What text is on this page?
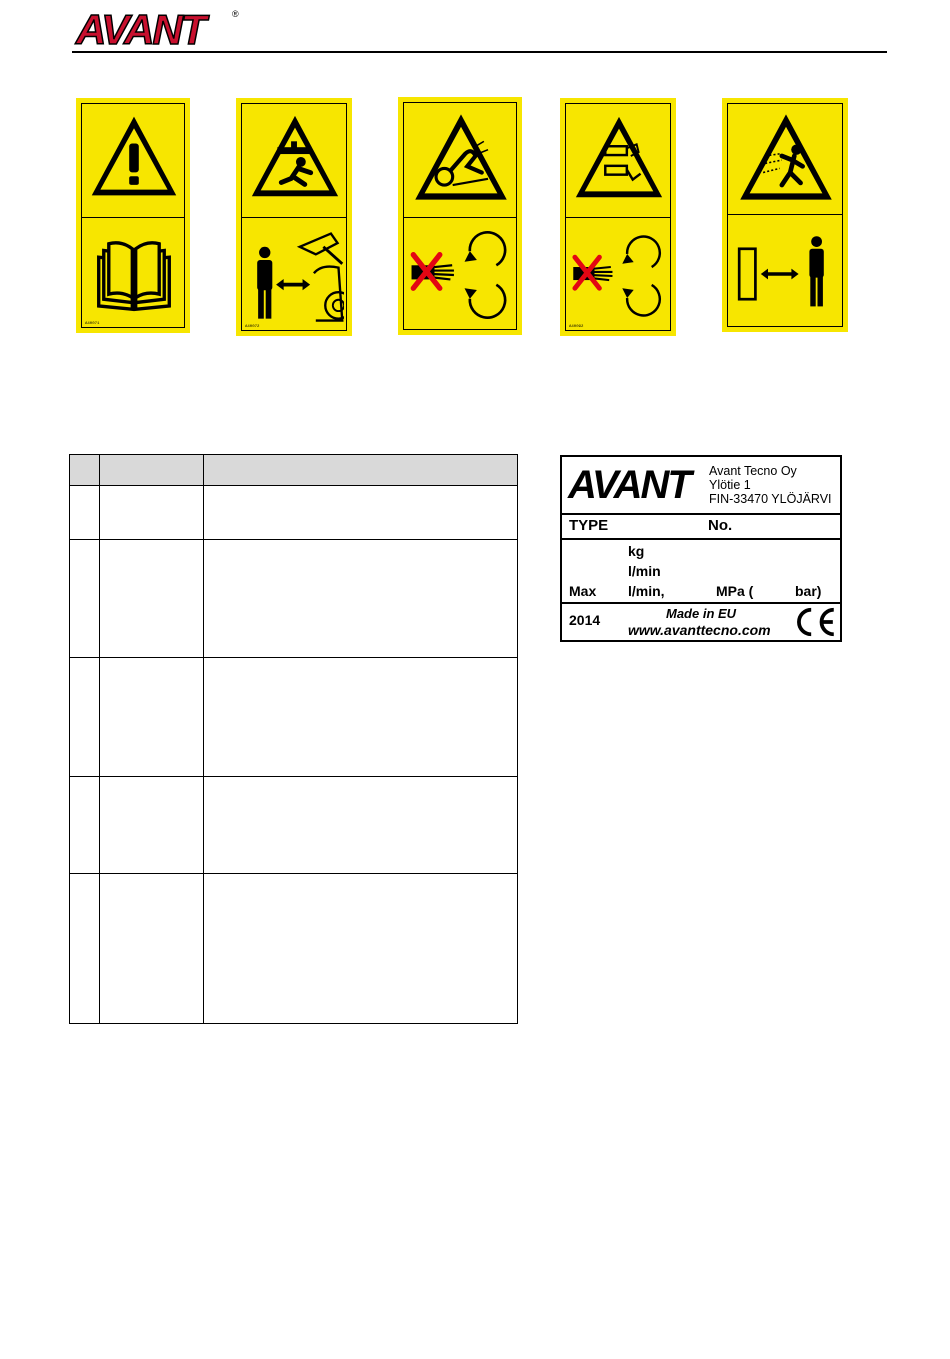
AVANT	®
A40071
A40072	A40092

AVANT	Avant Tecno Oy
Ylötie 1
FIN-33470 YLÖJÄRVI
TYPE	No.
kg
l/min
Max l/min,	MPa (	bar)
2014	Made in EU
www.avanttecno.com
